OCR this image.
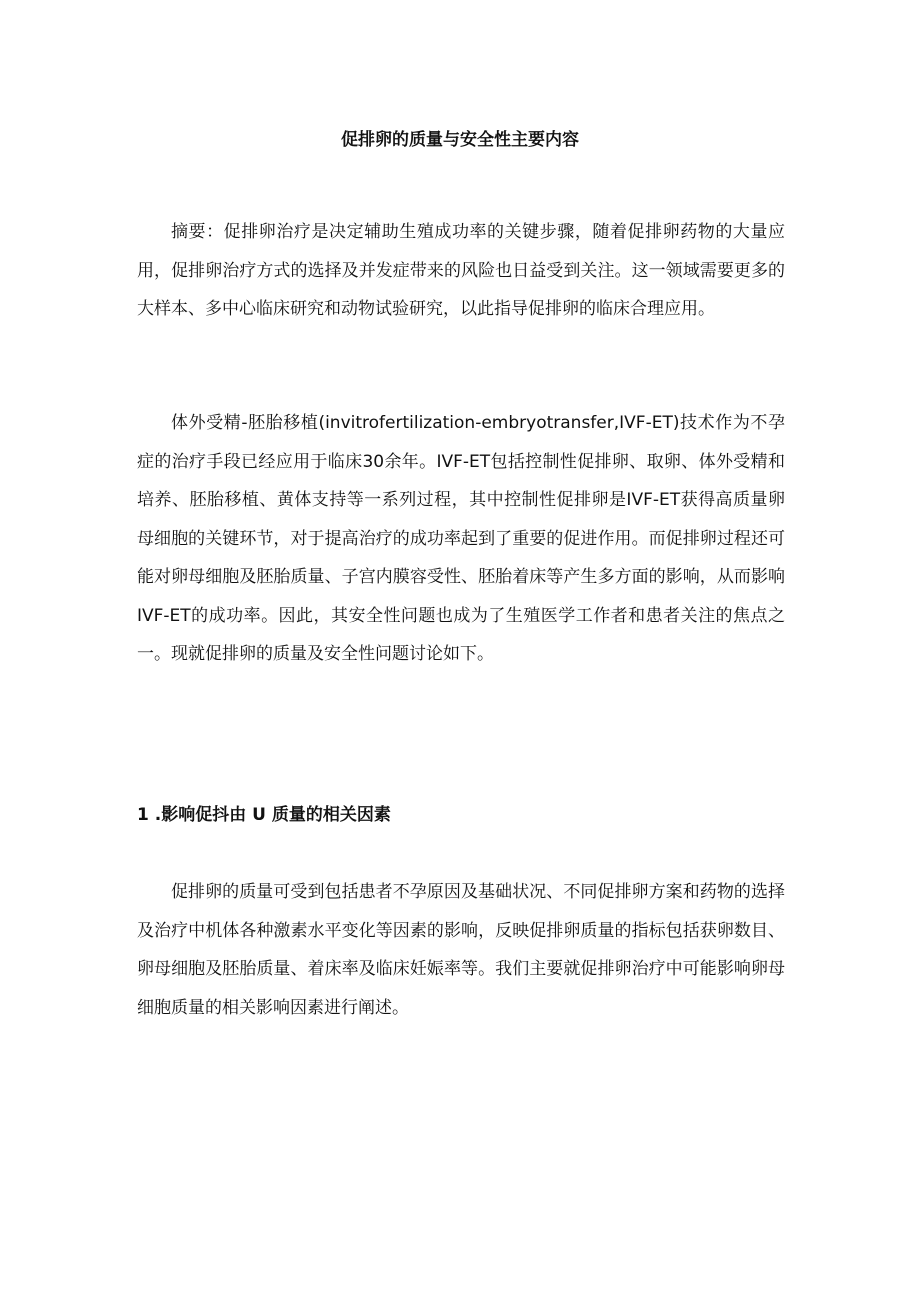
促排卵的质量与安全性主要内容

摘要：促排卵治疗是决定辅助生殖成功率的关键步骤，随着促排卵药物的大量应用，促排卵治疗方式的选择及并发症带来的风险也日益受到关注。这一领域需要更多的大样本、多中心临床研究和动物试验研究，以此指导促排卵的临床合理应用。

体外受精-胚胎移植(invitrofertilization-embryotransfer,IVF-ET)技术作为不孕症的治疗手段已经应用于临床30余年。IVF-ET包括控制性促排卵、取卵、体外受精和培养、胚胎移植、黄体支持等一系列过程，其中控制性促排卵是IVF-ET获得高质量卵母细胞的关键环节，对于提高治疗的成功率起到了重要的促进作用。而促排卵过程还可能对卵母细胞及胚胎质量、子宫内膜容受性、胚胎着床等产生多方面的影响，从而影响IVF-ET的成功率。因此，其安全性问题也成为了生殖医学工作者和患者关注的焦点之一。现就促排卵的质量及安全性问题讨论如下。

1 .影响促抖由 U 质量的相关因素

促排卵的质量可受到包括患者不孕原因及基础状况、不同促排卵方案和药物的选择及治疗中机体各种激素水平变化等因素的影响，反映促排卵质量的指标包括获卵数目、卵母细胞及胚胎质量、着床率及临床妊娠率等。我们主要就促排卵治疗中可能影响卵母细胞质量的相关影响因素进行阐述。
